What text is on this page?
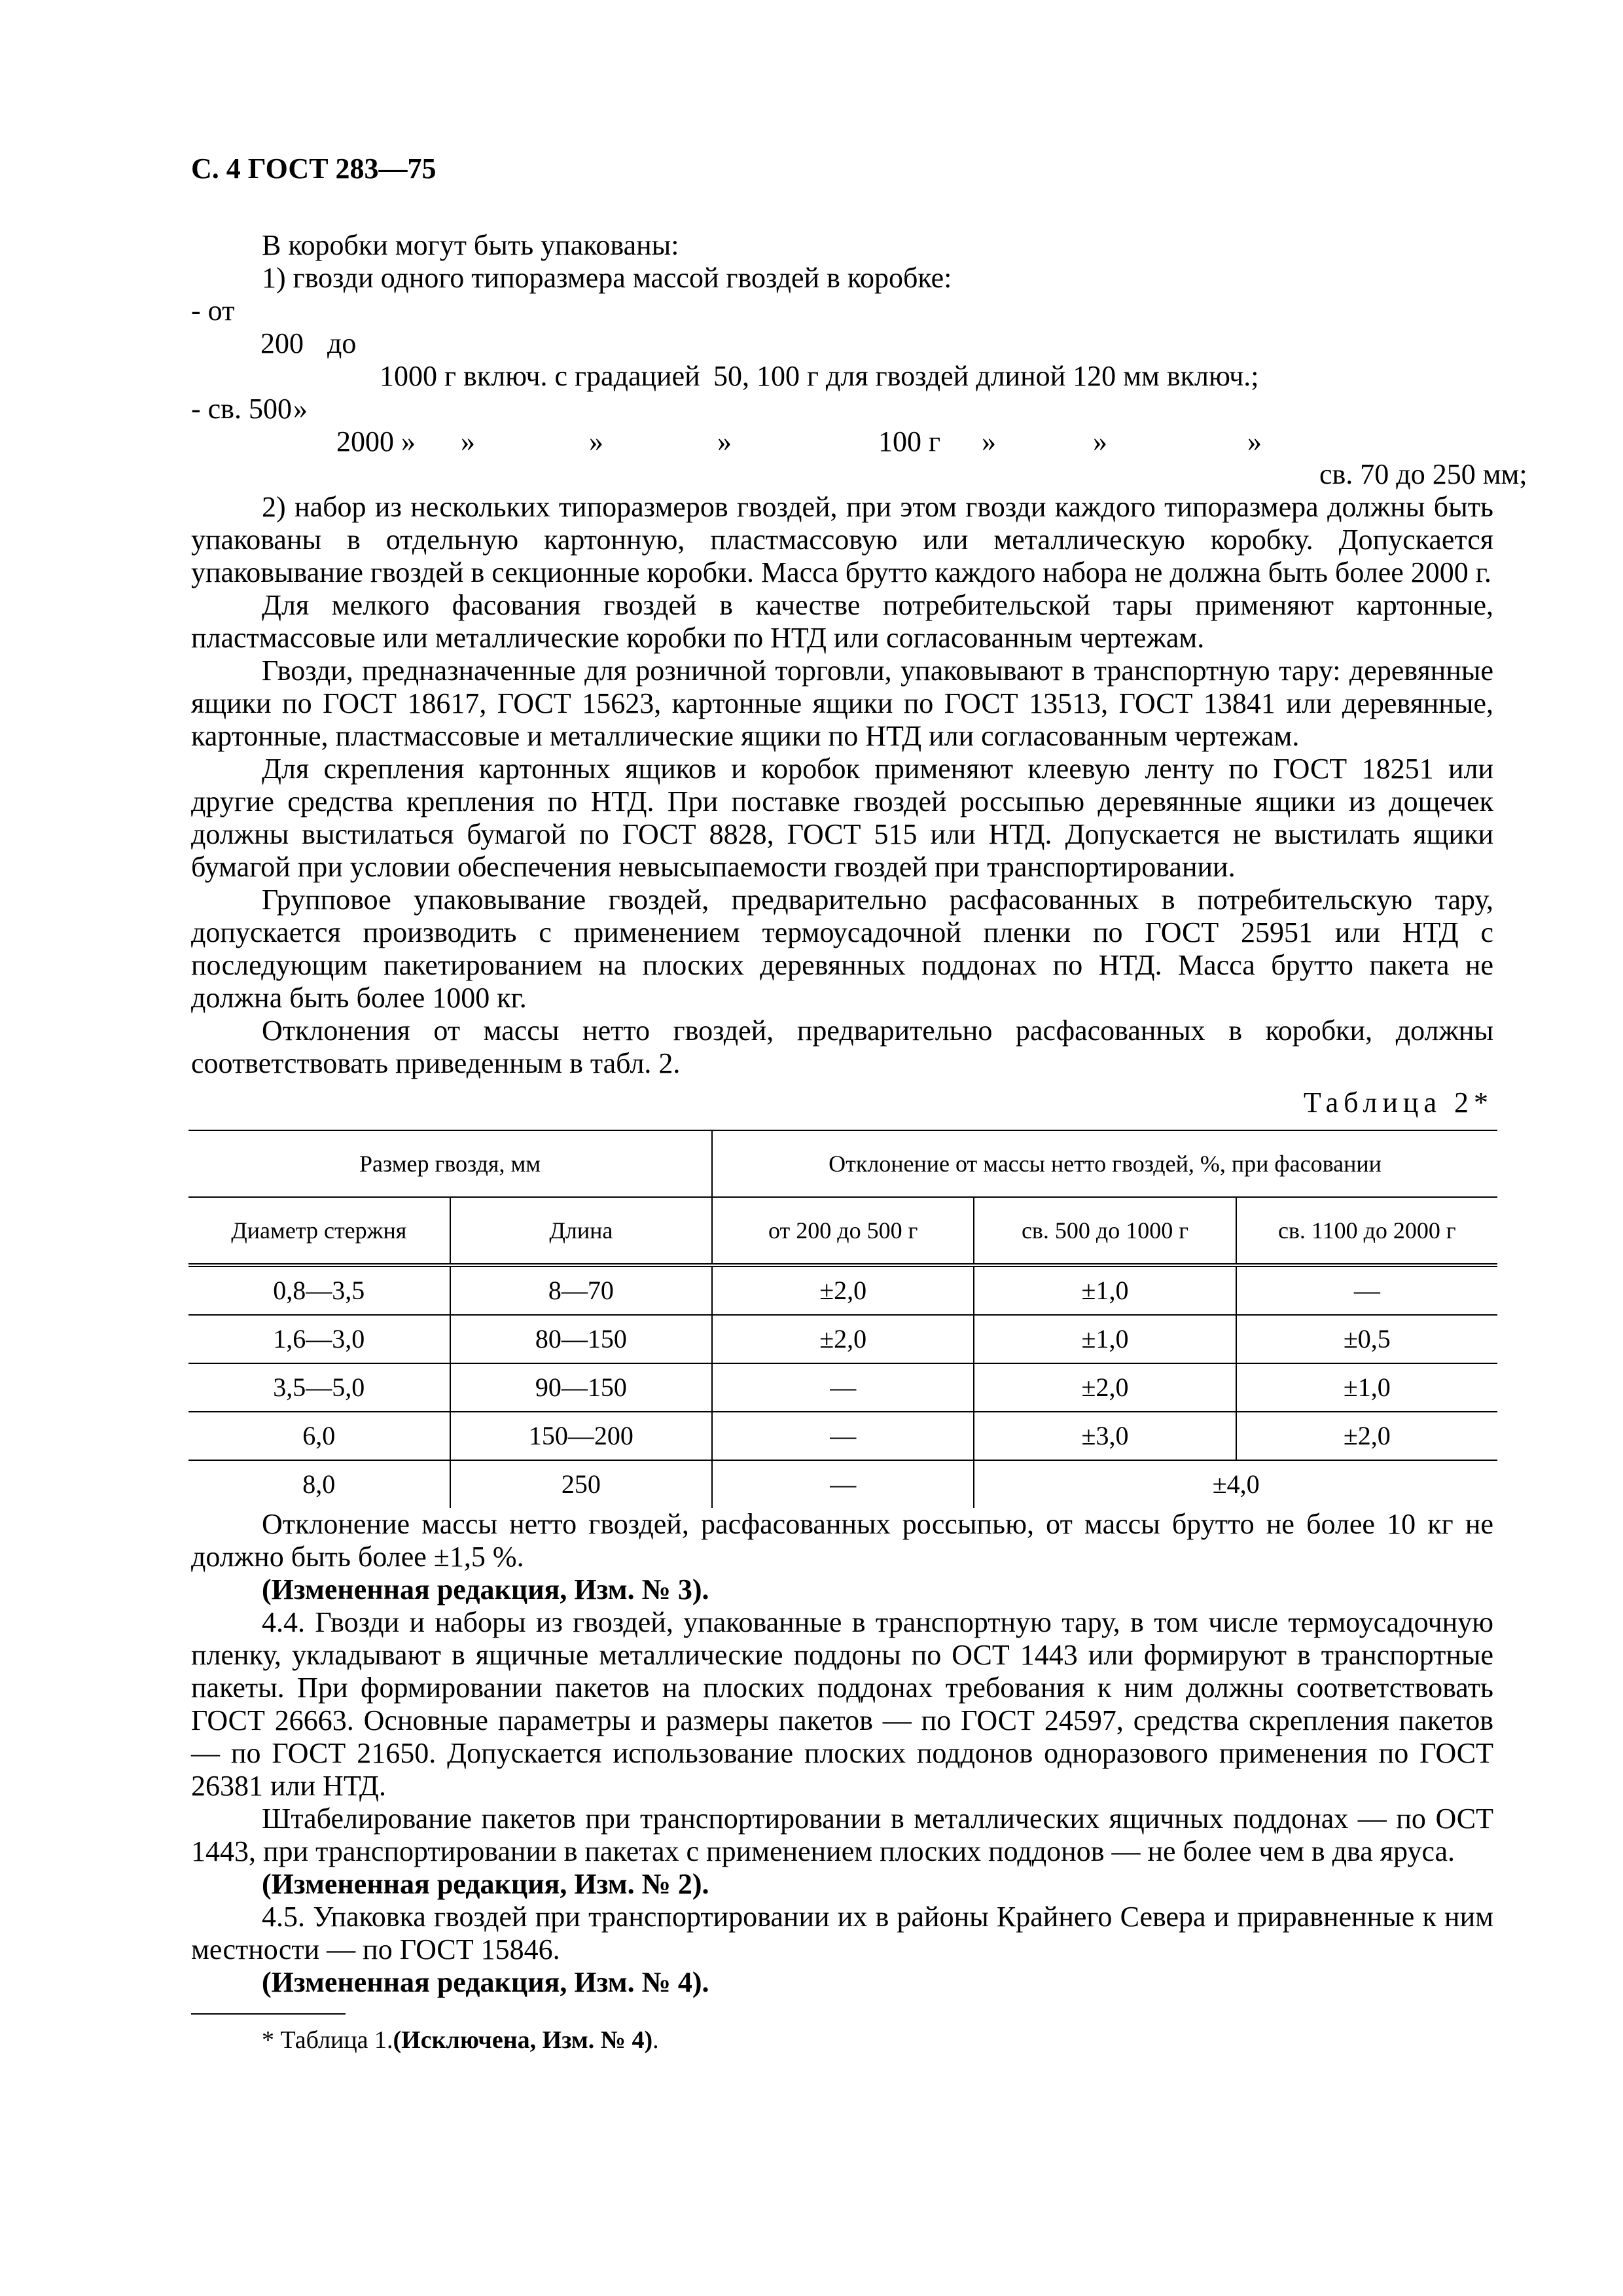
С. 4 ГОСТ 283—75

В коробки могут быть упакованы:

1) гвозди одного типоразмера массой гвоздей в коробке:

- от
200 до
1000 г включ. с градацией 50, 100 г для гвоздей длиной 120 мм включ.;
- св. 500 »
2000 »	»	»	»	100 г	»	»	»
св. 70 до 250 мм;

2) набор из нескольких типоразмеров гвоздей, при этом гвозди каждого типоразмера должны быть упакованы в отдельную картонную, пластмассовую или металлическую коробку. Допускается упаковывание гвоздей в секционные коробки. Масса брутто каждого набора не должна быть более 2000 г.

Для мелкого фасования гвоздей в качестве потребительской тары применяют картонные, пластмассовые или металлические коробки по НТД или согласованным чертежам.

Гвозди, предназначенные для розничной торговли, упаковывают в транспортную тару: деревянные ящики по ГОСТ 18617, ГОСТ 15623, картонные ящики по ГОСТ 13513, ГОСТ 13841 или деревянные, картонные, пластмассовые и металлические ящики по НТД или согласованным чертежам.

Для скрепления картонных ящиков и коробок применяют клеевую ленту по ГОСТ 18251 или другие средства крепления по НТД. При поставке гвоздей россыпью деревянные ящики из дощечек должны выстилаться бумагой по ГОСТ 8828, ГОСТ 515 или НТД. Допускается не выстилать ящики бумагой при условии обеспечения невысыпаемости гвоздей при транспортировании.

Групповое упаковывание гвоздей, предварительно расфасованных в потребительскую тару, допускается производить с применением термоусадочной пленки по ГОСТ 25951 или НТД с последующим пакетированием на плоских деревянных поддонах по НТД. Масса брутто пакета не должна быть более 1000 кг.

Отклонения от массы нетто гвоздей, предварительно расфасованных в коробки, должны соответствовать приведенным в табл. 2.

Таблица 2*
Размер гвоздя, мм		Отклонение от массы нетто гвоздей, %, при фасовании		
Диаметр стержня	Длина	от 200 до 500 г	св. 500 до 1000 г	св. 1100 до 2000 г
0,8—3,5	8—70	±2,0	±1,0	—
1,6—3,0	80—150	±2,0	±1,0	±0,5
3,5—5,0	90—150	—	±2,0	±1,0
6,0	150—200	—	±3,0	±2,0
8,0	250	—	±4,0	

Отклонение массы нетто гвоздей, расфасованных россыпью, от массы брутто не более 10 кг не должно быть более ±1,5 %.

(Измененная редакция, Изм. № 3).

4.4. Гвозди и наборы из гвоздей, упакованные в транспортную тару, в том числе термоусадочную пленку, укладывают в ящичные металлические поддоны по ОСТ 1443 или формируют в транспортные пакеты. При формировании пакетов на плоских поддонах требования к ним должны соответствовать ГОСТ 26663. Основные параметры и размеры пакетов — по ГОСТ 24597, средства скрепления пакетов — по ГОСТ 21650. Допускается использование плоских поддонов одноразового применения по ГОСТ 26381 или НТД.

Штабелирование пакетов при транспортировании в металлических ящичных поддонах — по ОСТ 1443, при транспортировании в пакетах с применением плоских поддонов — не более чем в два яруса.

(Измененная редакция, Изм. № 2).

4.5. Упаковка гвоздей при транспортировании их в районы Крайнего Севера и приравненные к ним местности — по ГОСТ 15846.

(Измененная редакция, Изм. № 4).

* Таблица 1.(Исключена, Изм. № 4).
